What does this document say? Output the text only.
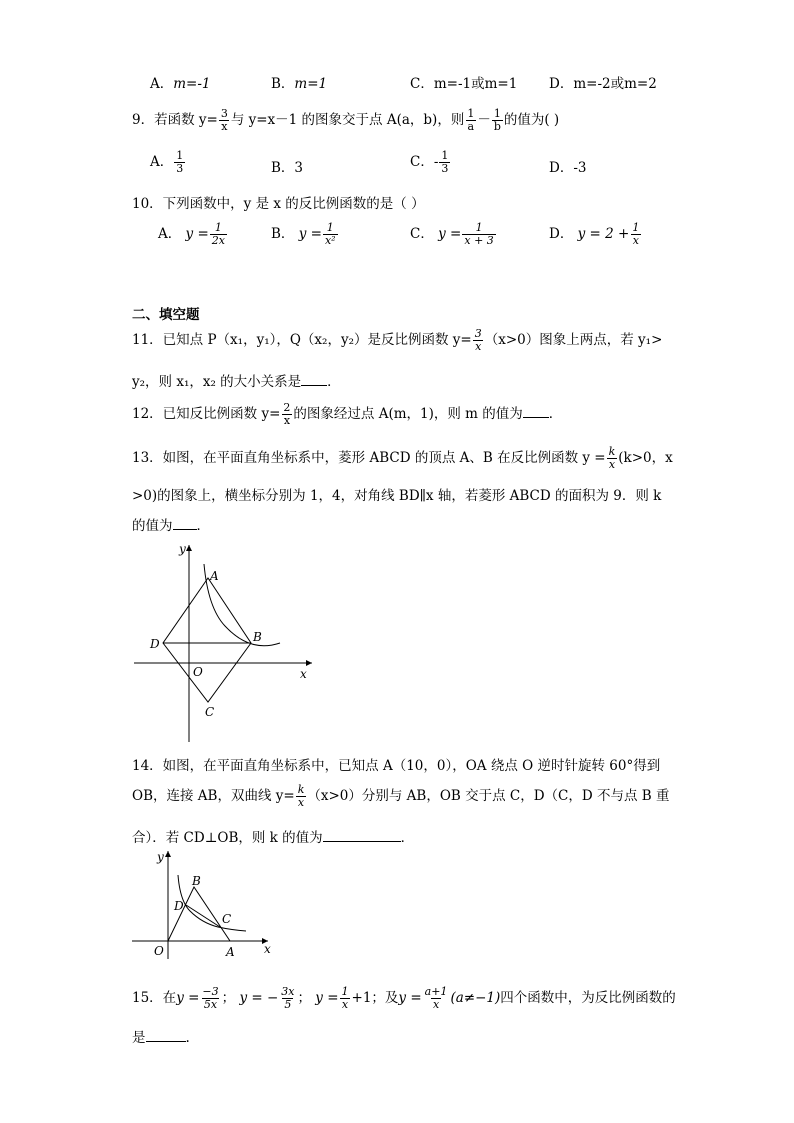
A．m=-1	B．m=1	C．m=-1或m=1 D．m=-2或m=2
9．若函数 $y= \frac{3}{x}$ 与 y=x－1 的图象交于点 A(a，b)，则 $\frac{1}{a} - \frac{1}{b}$ 的值为( )
A． $\frac{1}{3}$	B．3	C．- $\frac{1}{3}$	D．-3
10．下列函数中，y 是 x 的反比例函数的是（ ）
A． $y = \frac{1}{2x}$	B． $y = \frac{1}{\text{x²}}$	C． $y = \frac{1}{x + 3}$	D． $y = 2 + \frac{1}{x}$
二、填空题
11．已知点 P（x₁，y₁），Q（x₂，y₂）是反比例函数 $y= \frac{3}{x} (x>0)$图象上两点，若 y₁>
y₂，则 x₁，x₂ 的大小关系是 ．
12．已知反比例函数 $y= \frac{2}{x}$ 的图象经过点 A(m，1)，则 m 的值为 ．
13．如图，在平面直角坐标系中，菱形 ABCD 的顶点 A、B 在反比例函数 $y = \frac{k}{x} (k>0$，x
>0)的图象上，横坐标分别为 1，4，对角线 BD∥x 轴，若菱形 ABCD 的面积为 9．则 k
的值为 ．
y
A
B
D
O	x
C
14．如图，在平面直角坐标系中，已知点 A（10，0），OA 绕点 O 逆时针旋转 60°得到
OB，连接 AB，双曲线 $y= \frac{k}{x} (x>0)$分别与 AB，OB 交于点 C，D（C，D 不与点 B 重
合）．若 CD⊥OB，则 k 的值为	．
y
B
D
C
O	A x
15．在$y = \frac{-3}{5x}$ ； y = − $\frac{3x}{5}$ ； $y = \frac{1}{x} +1$；及$y = \frac{a+1}{x} (a\ne-1)$四个函数中，为反比例函数的
是	.
